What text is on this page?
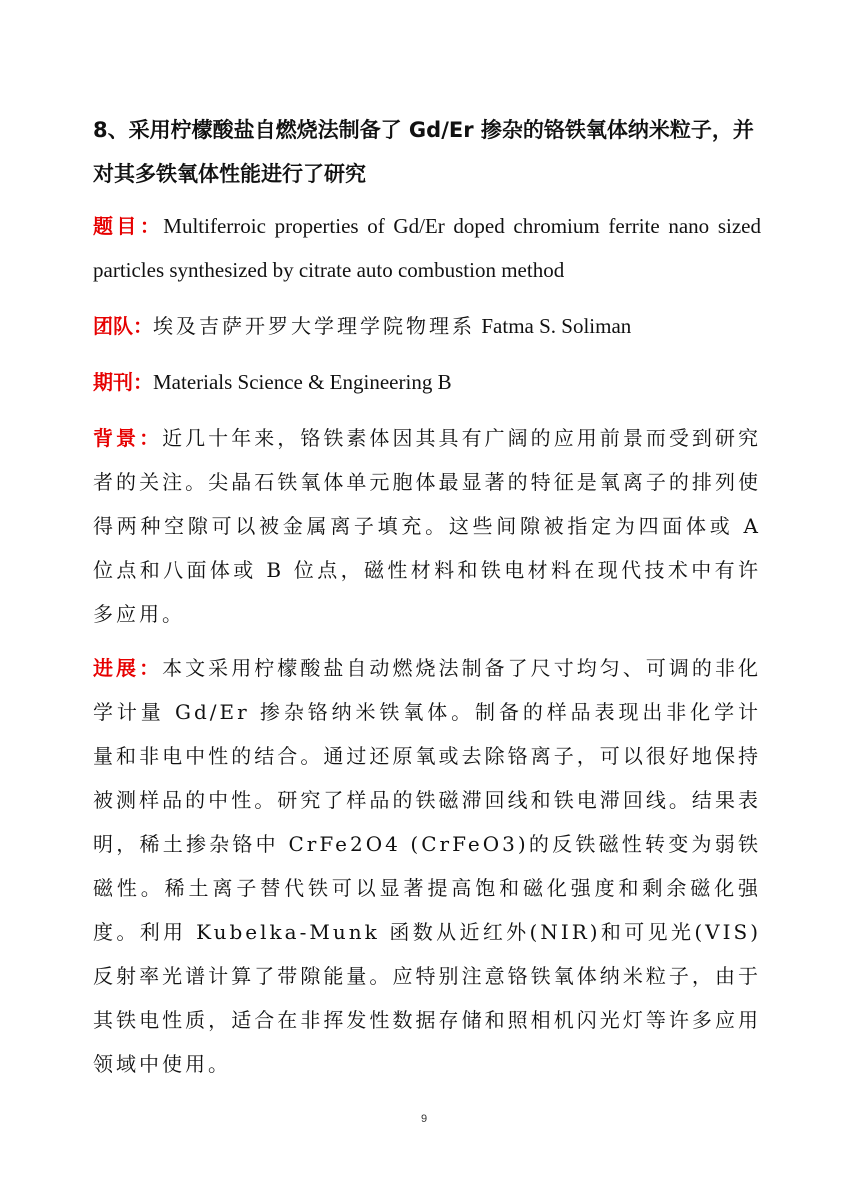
8、采用柠檬酸盐自燃烧法制备了 Gd/Er 掺杂的铬铁氧体纳米粒子，并对其多铁氧体性能进行了研究

题目：Multiferroic properties of Gd/Er doped chromium ferrite nano sized particles synthesized by citrate auto combustion method

团队：埃及吉萨开罗大学理学院物理系 Fatma S. Soliman

期刊：Materials Science & Engineering B

背景：近几十年来，铬铁素体因其具有广阔的应用前景而受到研究者的关注。尖晶石铁氧体单元胞体最显著的特征是氧离子的排列使得两种空隙可以被金属离子填充。这些间隙被指定为四面体或 A 位点和八面体或 B 位点，磁性材料和铁电材料在现代技术中有许多应用。

进展：本文采用柠檬酸盐自动燃烧法制备了尺寸均匀、可调的非化学计量 Gd/Er 掺杂铬纳米铁氧体。制备的样品表现出非化学计量和非电中性的结合。通过还原氧或去除铬离子，可以很好地保持被测样品的中性。研究了样品的铁磁滞回线和铁电滞回线。结果表明，稀土掺杂铬中 CrFe2O4 (CrFeO3)的反铁磁性转变为弱铁磁性。稀土离子替代铁可以显著提高饱和磁化强度和剩余磁化强度。利用 Kubelka-Munk 函数从近红外(NIR)和可见光(VIS)反射率光谱计算了带隙能量。应特别注意铬铁氧体纳米粒子，由于其铁电性质，适合在非挥发性数据存储和照相机闪光灯等许多应用领域中使用。

9
